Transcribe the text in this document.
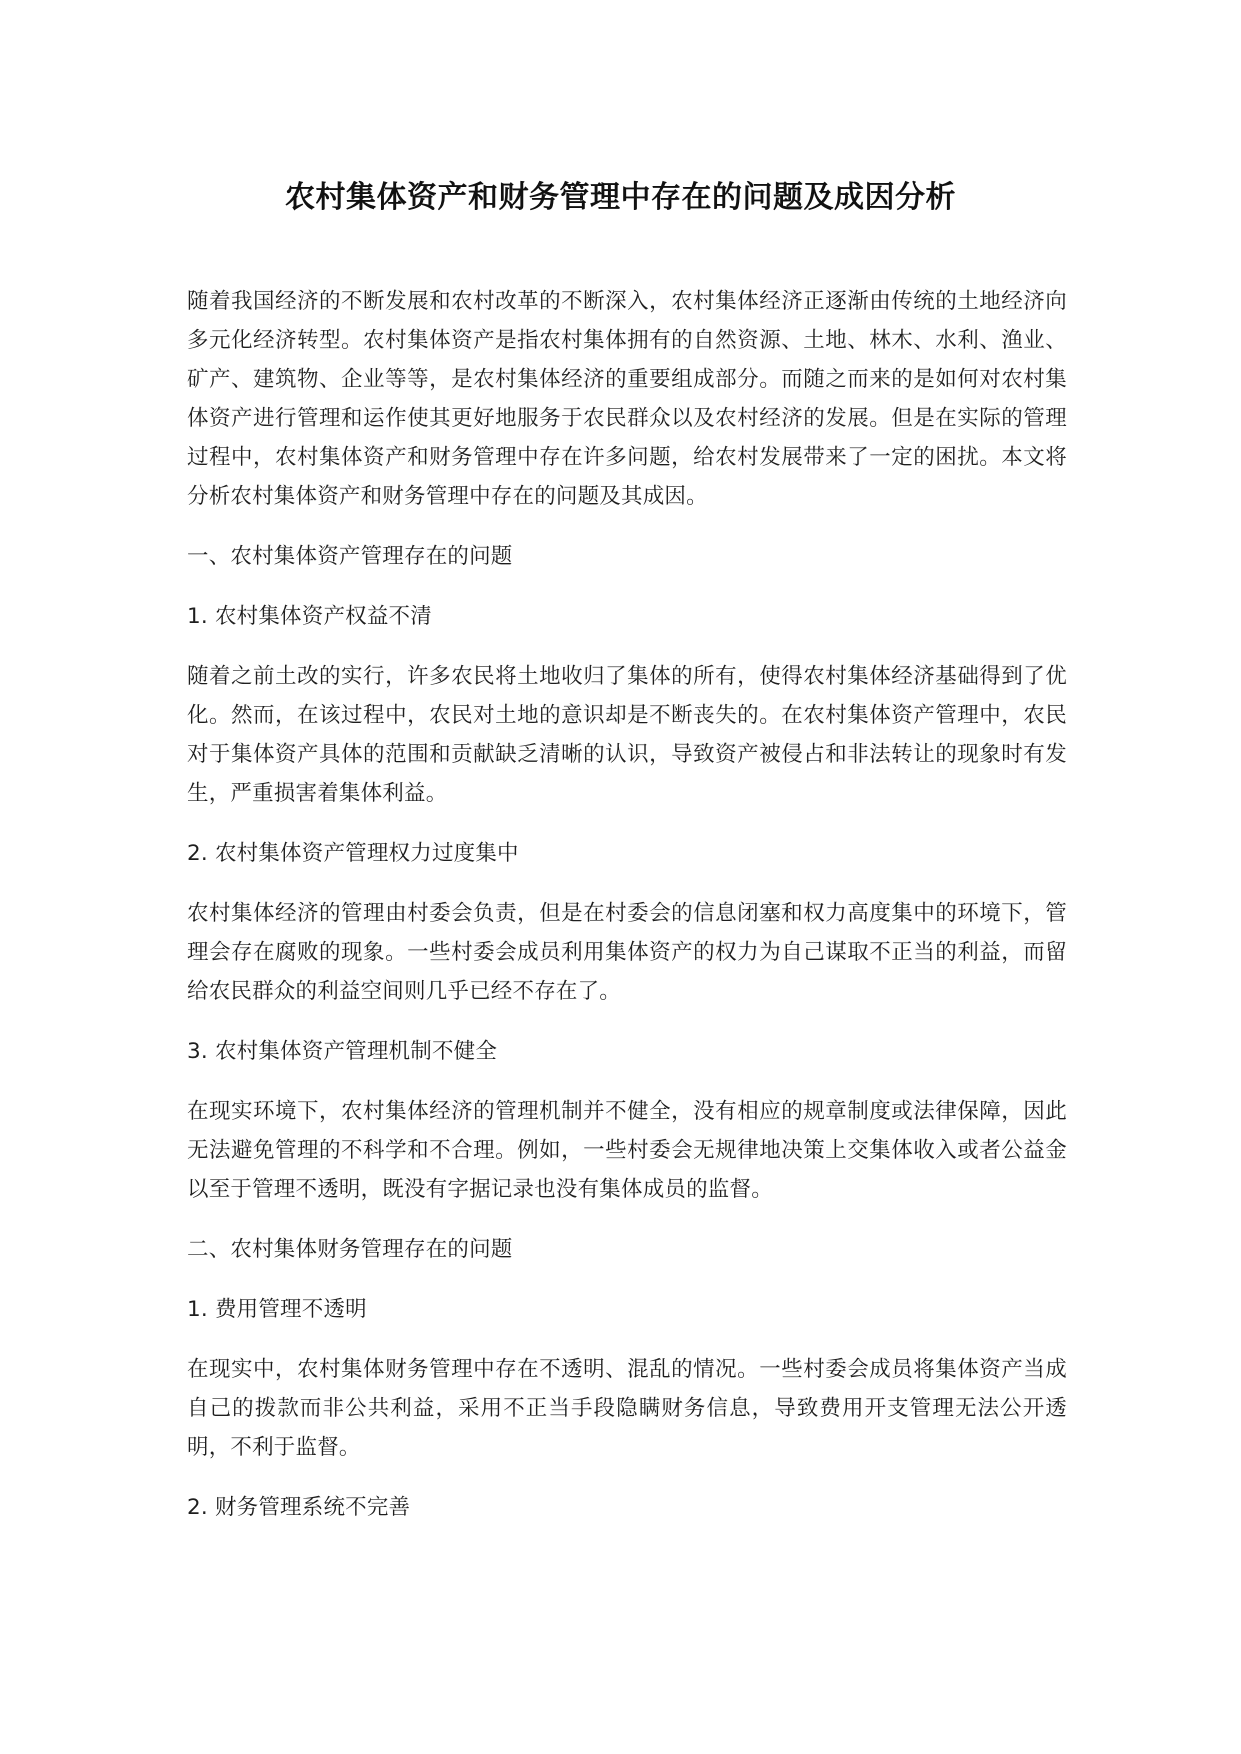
农村集体资产和财务管理中存在的问题及成因分析

随着我国经济的不断发展和农村改革的不断深入，农村集体经济正逐渐由传统的土地经济向多元化经济转型。农村集体资产是指农村集体拥有的自然资源、土地、林木、水利、渔业、矿产、建筑物、企业等等，是农村集体经济的重要组成部分。而随之而来的是如何对农村集体资产进行管理和运作使其更好地服务于农民群众以及农村经济的发展。但是在实际的管理过程中，农村集体资产和财务管理中存在许多问题，给农村发展带来了一定的困扰。本文将分析农村集体资产和财务管理中存在的问题及其成因。

一、农村集体资产管理存在的问题

1. 农村集体资产权益不清

随着之前土改的实行，许多农民将土地收归了集体的所有，使得农村集体经济基础得到了优化。然而，在该过程中，农民对土地的意识却是不断丧失的。在农村集体资产管理中，农民对于集体资产具体的范围和贡献缺乏清晰的认识，导致资产被侵占和非法转让的现象时有发生，严重损害着集体利益。

2. 农村集体资产管理权力过度集中

农村集体经济的管理由村委会负责，但是在村委会的信息闭塞和权力高度集中的环境下，管理会存在腐败的现象。一些村委会成员利用集体资产的权力为自己谋取不正当的利益，而留给农民群众的利益空间则几乎已经不存在了。

3. 农村集体资产管理机制不健全

在现实环境下，农村集体经济的管理机制并不健全，没有相应的规章制度或法律保障，因此无法避免管理的不科学和不合理。例如，一些村委会无规律地决策上交集体收入或者公益金以至于管理不透明，既没有字据记录也没有集体成员的监督。

二、农村集体财务管理存在的问题

1. 费用管理不透明

在现实中，农村集体财务管理中存在不透明、混乱的情况。一些村委会成员将集体资产当成自己的拨款而非公共利益，采用不正当手段隐瞒财务信息，导致费用开支管理无法公开透明，不利于监督。

2. 财务管理系统不完善
